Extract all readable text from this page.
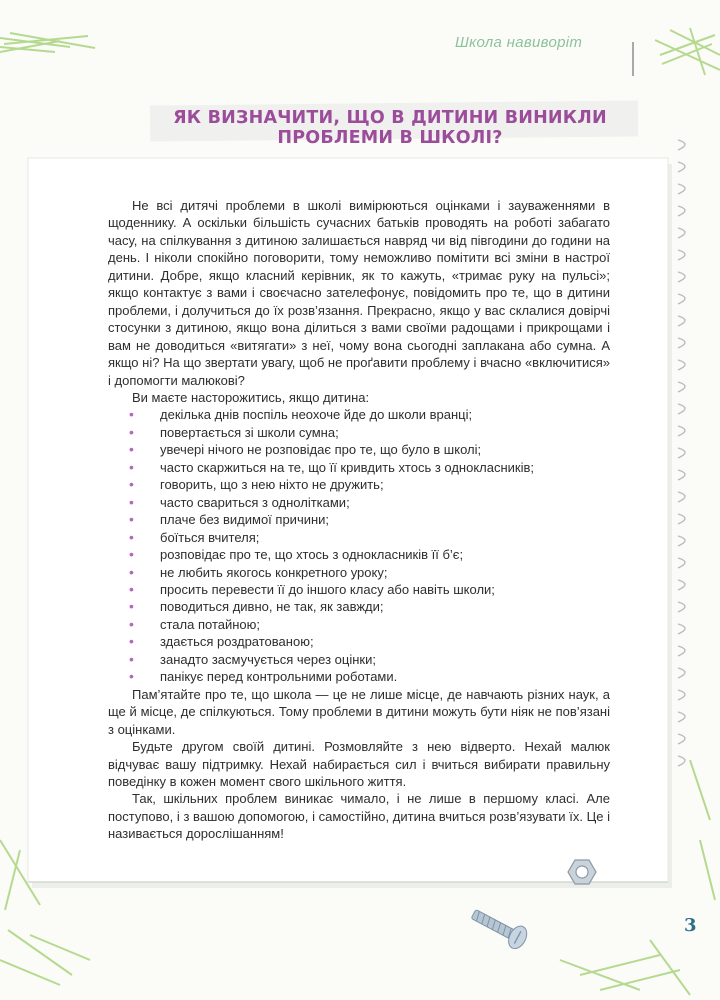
Школа навиворіт
ЯК ВИЗНАЧИТИ, ЩО В ДИТИНИ ВИНИКЛИ ПРОБЛЕМИ В ШКОЛІ?

Не всі дитячі проблеми в школі вимірюються оцінками і зауваженнями в щоденнику. А оскільки більшість сучасних батьків проводять на роботі забагато часу, на спілкування з дитиною залишається навряд чи від півгодини до години на день. І ніколи спокійно поговорити, тому неможливо помітити всі зміни в настрої дитини. Добре, якщо класний керівник, як то кажуть, «тримає руку на пульсі»; якщо контактує з вами і своєчасно зателефонує, повідомить про те, що в дитини проблеми, і долучиться до їх розв’язання. Прекрасно, якщо у вас склалися довірчі стосунки з дитиною, якщо вона ділиться з вами своїми радощами і прикрощами і вам не доводиться «витягати» з неї, чому вона сьогодні заплакана або сумна. А якщо ні? На що звертати увагу, щоб не проґавити проблему і вчасно «включитися» і допомогти малюкові?

Ви маєте насторожитись, якщо дитина:

• декілька днів поспіль неохоче йде до школи вранці;
• повертається зі школи сумна;
• увечері нічого не розповідає про те, що було в школі;
• часто скаржиться на те, що її кривдить хтось з однокласників;
• говорить, що з нею ніхто не дружить;
• часто свариться з однолітками;
• плаче без видимої причини;
• боїться вчителя;
• розповідає про те, що хтось з однокласників її б’є;
• не любить якогось конкретного уроку;
• просить перевести її до іншого класу або навіть школи;
• поводиться дивно, не так, як завжди;
• стала потайною;
• здається роздратованою;
• занадто засмучується через оцінки;
• панікує перед контрольними роботами.

Пам’ятайте про те, що школа — це не лише місце, де навчають різних наук, а ще й місце, де спілкуються. Тому проблеми в дитини можуть бути ніяк не пов’язані з оцінками.

Будьте другом своїй дитині. Розмовляйте з нею відверто. Нехай малюк відчуває вашу підтримку. Нехай набирається сил і вчиться вибирати правильну поведінку в кожен момент свого шкільного життя.

Так, шкільних проблем виникає чимало, і не лише в першому класі. Але поступово, і з вашою допомогою, і самостійно, дитина вчиться розв’язувати їх. Це і називається дорослішанням!

3
